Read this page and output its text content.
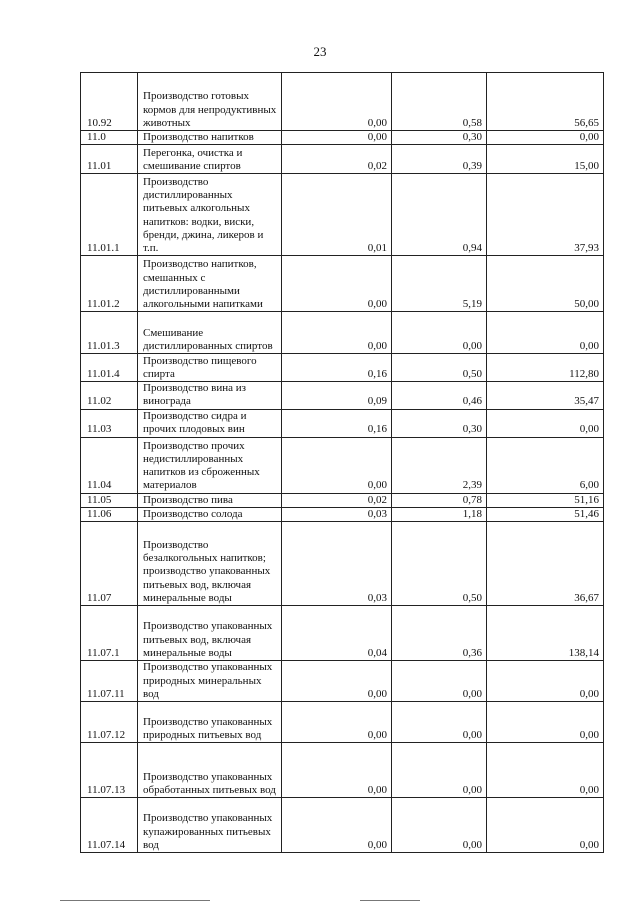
23
10.92	Производство готовых кормов для непродуктивных животных	0,00	0,58	56,65
11.0	Производство напитков	0,00	0,30	0,00
11.01	Перегонка, очистка и смешивание спиртов	0,02	0,39	15,00
11.01.1	Производство дистиллированных питьевых алкогольных напитков: водки, виски, бренди, джина, ликеров и т.п.	0,01	0,94	37,93
11.01.2	Производство напитков, смешанных с дистиллированными алкогольными напитками	0,00	5,19	50,00
11.01.3	Смешивание дистиллированных спиртов	0,00	0,00	0,00
11.01.4	Производство пищевого спирта	0,16	0,50	112,80
11.02	Производство вина из винограда	0,09	0,46	35,47
11.03	Производство сидра и прочих плодовых вин	0,16	0,30	0,00
11.04	Производство прочих недистиллированных напитков из сброженных материалов	0,00	2,39	6,00
11.05	Производство пива	0,02	0,78	51,16
11.06	Производство солода	0,03	1,18	51,46
11.07	Производство безалкогольных напитков; производство упакованных питьевых вод, включая минеральные воды	0,03	0,50	36,67
11.07.1	Производство упакованных питьевых вод, включая минеральные воды	0,04	0,36	138,14
11.07.11	Производство упакованных природных минеральных вод	0,00	0,00	0,00
11.07.12	Производство упакованных природных питьевых вод	0,00	0,00	0,00
11.07.13	Производство упакованных обработанных питьевых вод	0,00	0,00	0,00
11.07.14	Производство упакованных купажированных питьевых вод	0,00	0,00	0,00
